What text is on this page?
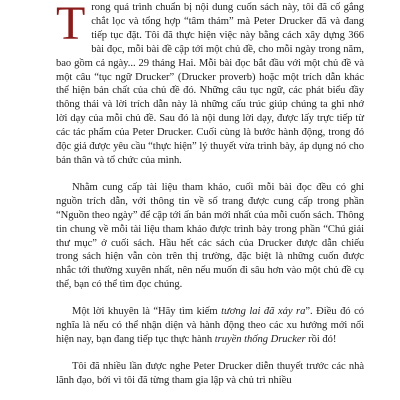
Trong quá trình chuẩn bị nội dung cuốn sách này, tôi đã cố gắng chắt lọc và tổng hợp “tâm thảm” mà Peter Drucker đã và đang tiếp tục đặt. Tôi đã thực hiện việc này bằng cách xây dựng 366 bài đọc, mỗi bài đề cập tới một chủ đề, cho mỗi ngày trong năm, bao gồm cả ngày... 29 tháng Hai. Mỗi bài đọc bắt đầu với một chủ đề và một câu “tục ngữ Drucker” (Drucker proverb) hoặc một trích dẫn khác thể hiện bản chất của chủ đề đó. Những câu tục ngữ, các phát biểu đầy thông thái và lời trích dẫn này là những cấu trúc giúp chúng ta ghi nhớ lời dạy của mỗi chủ đề. Sau đó là nội dung lời dạy, được lấy trực tiếp từ các tác phẩm của Peter Drucker. Cuối cùng là bước hành động, trong đó độc giả được yêu cầu “thực hiện” lý thuyết vừa trình bày, áp dụng nó cho bản thân và tổ chức của mình.

Nhằm cung cấp tài liệu tham khảo, cuối mỗi bài đọc đều có ghi nguồn trích dẫn, với thông tin về số trang được cung cấp trong phần “Nguồn theo ngày” để cập tới ấn bản mới nhất của mỗi cuốn sách. Thông tin chung về mỗi tài liệu tham khảo được trình bày trong phần “Chú giải thư mục” ở cuối sách. Hầu hết các sách của Drucker được dẫn chiếu trong sách hiện vẫn còn trên thị trường, đặc biệt là những cuốn được nhắc tới thường xuyên nhất, nên nếu muốn đi sâu hơn vào một chủ đề cụ thể, bạn có thể tìm đọc chúng.

Một lời khuyên là “Hãy tìm kiếm tương lai đã xảy ra”. Điều đó có nghĩa là nếu có thể nhận diện và hành động theo các xu hướng mới nổi hiện nay, bạn đang tiếp tục thực hành truyền thống Drucker rồi đó!

Tôi đã nhiều lần được nghe Peter Drucker diễn thuyết trước các nhà lãnh đạo, bởi vì tôi đã từng tham gia lập và chủ trì nhiều
